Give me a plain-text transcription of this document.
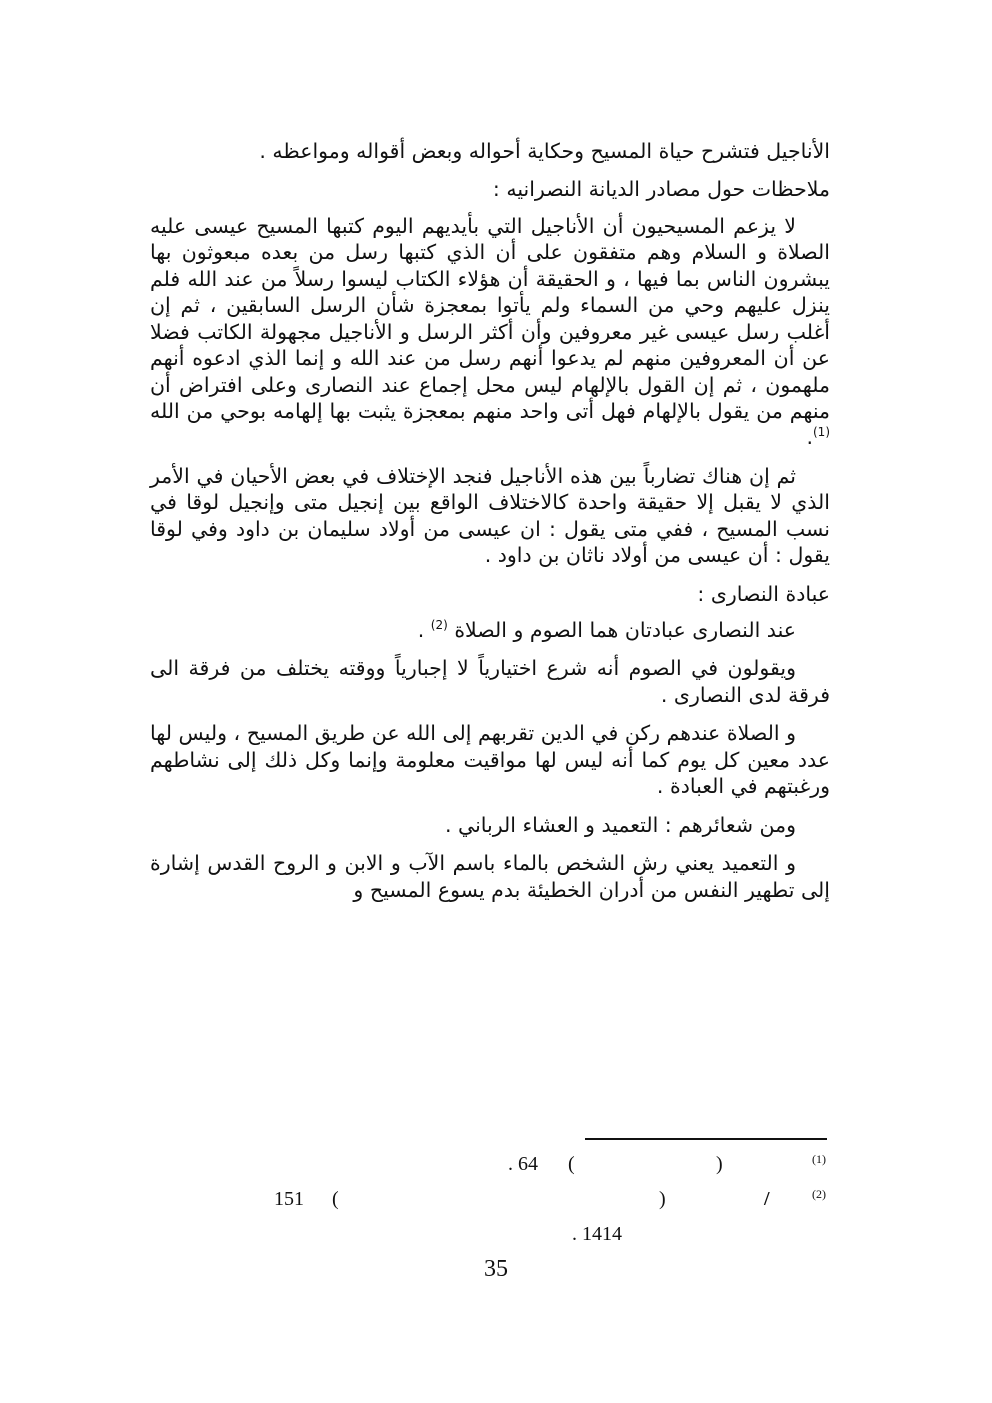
الأناجيل فتشرح حياة المسيح وحكاية أحواله وبعض أقواله ومواعظه .

ملاحظات حول مصادر الديانة النصرانيه :

لا يزعم المسيحيون أن الأناجيل التي بأيديهم اليوم كتبها المسيح عيسى عليه الصلاة و السلام وهم متفقون على أن الذي كتبها رسل من بعده مبعوثون بها يبشرون الناس بما فيها ، و الحقيقة أن هؤلاء الكتاب ليسوا رسلاً من عند الله فلم ينزل عليهم وحي من السماء ولم يأتوا بمعجزة شأن الرسل السابقين ، ثم إن أغلب رسل عيسى غير معروفين وأن أكثر الرسل و الأناجيل مجهولة الكاتب فضلا عن أن المعروفين منهم لم يدعوا أنهم رسل من عند الله و إنما الذي ادعوه أنهم ملهمون ، ثم إن القول بالإلهام ليس محل إجماع عند النصارى وعلى افتراض أن منهم من يقول بالإلهام فهل أتى واحد منهم بمعجزة يثبت بها إلهامه بوحي من الله $^{(1)}$.

ثم إن هناك تضارباً بين هذه الأناجيل فنجد الإختلاف في بعض الأحيان في الأمر الذي لا يقبل إلا حقيقة واحدة كالاختلاف الواقع بين إنجيل متى وإنجيل لوقا في نسب المسيح ، ففي متى يقول : ان عيسى من أولاد سليمان بن داود وفي لوقا يقول : أن عيسى من أولاد ناثان بن داود .

عبادة النصارى :

عند النصارى عبادتان هما الصوم و الصلاة $^{(2)}$ .

ويقولون في الصوم أنه شرع اختيارياً لا إجبارياً ووقته يختلف من فرقة الى فرقة لدى النصارى .

و الصلاة عندهم ركن في الدين تقربهم إلى الله عن طريق المسيح ، وليس لها عدد معين كل يوم كما أنه ليس لها مواقيت معلومة وإنما وكل ذلك إلى نشاطهم ورغبتهم في العبادة .

ومن شعائرهم : التعميد و العشاء الرباني .

و التعميد يعني رش الشخص بالماء باسم الآب و الابن و الروح القدس إشارة إلى تطهير النفس من أدران الخطيئة بدم يسوع المسيح و

(1)
)
(
. 64
(2)
/
)
(
151
. 1414
35
